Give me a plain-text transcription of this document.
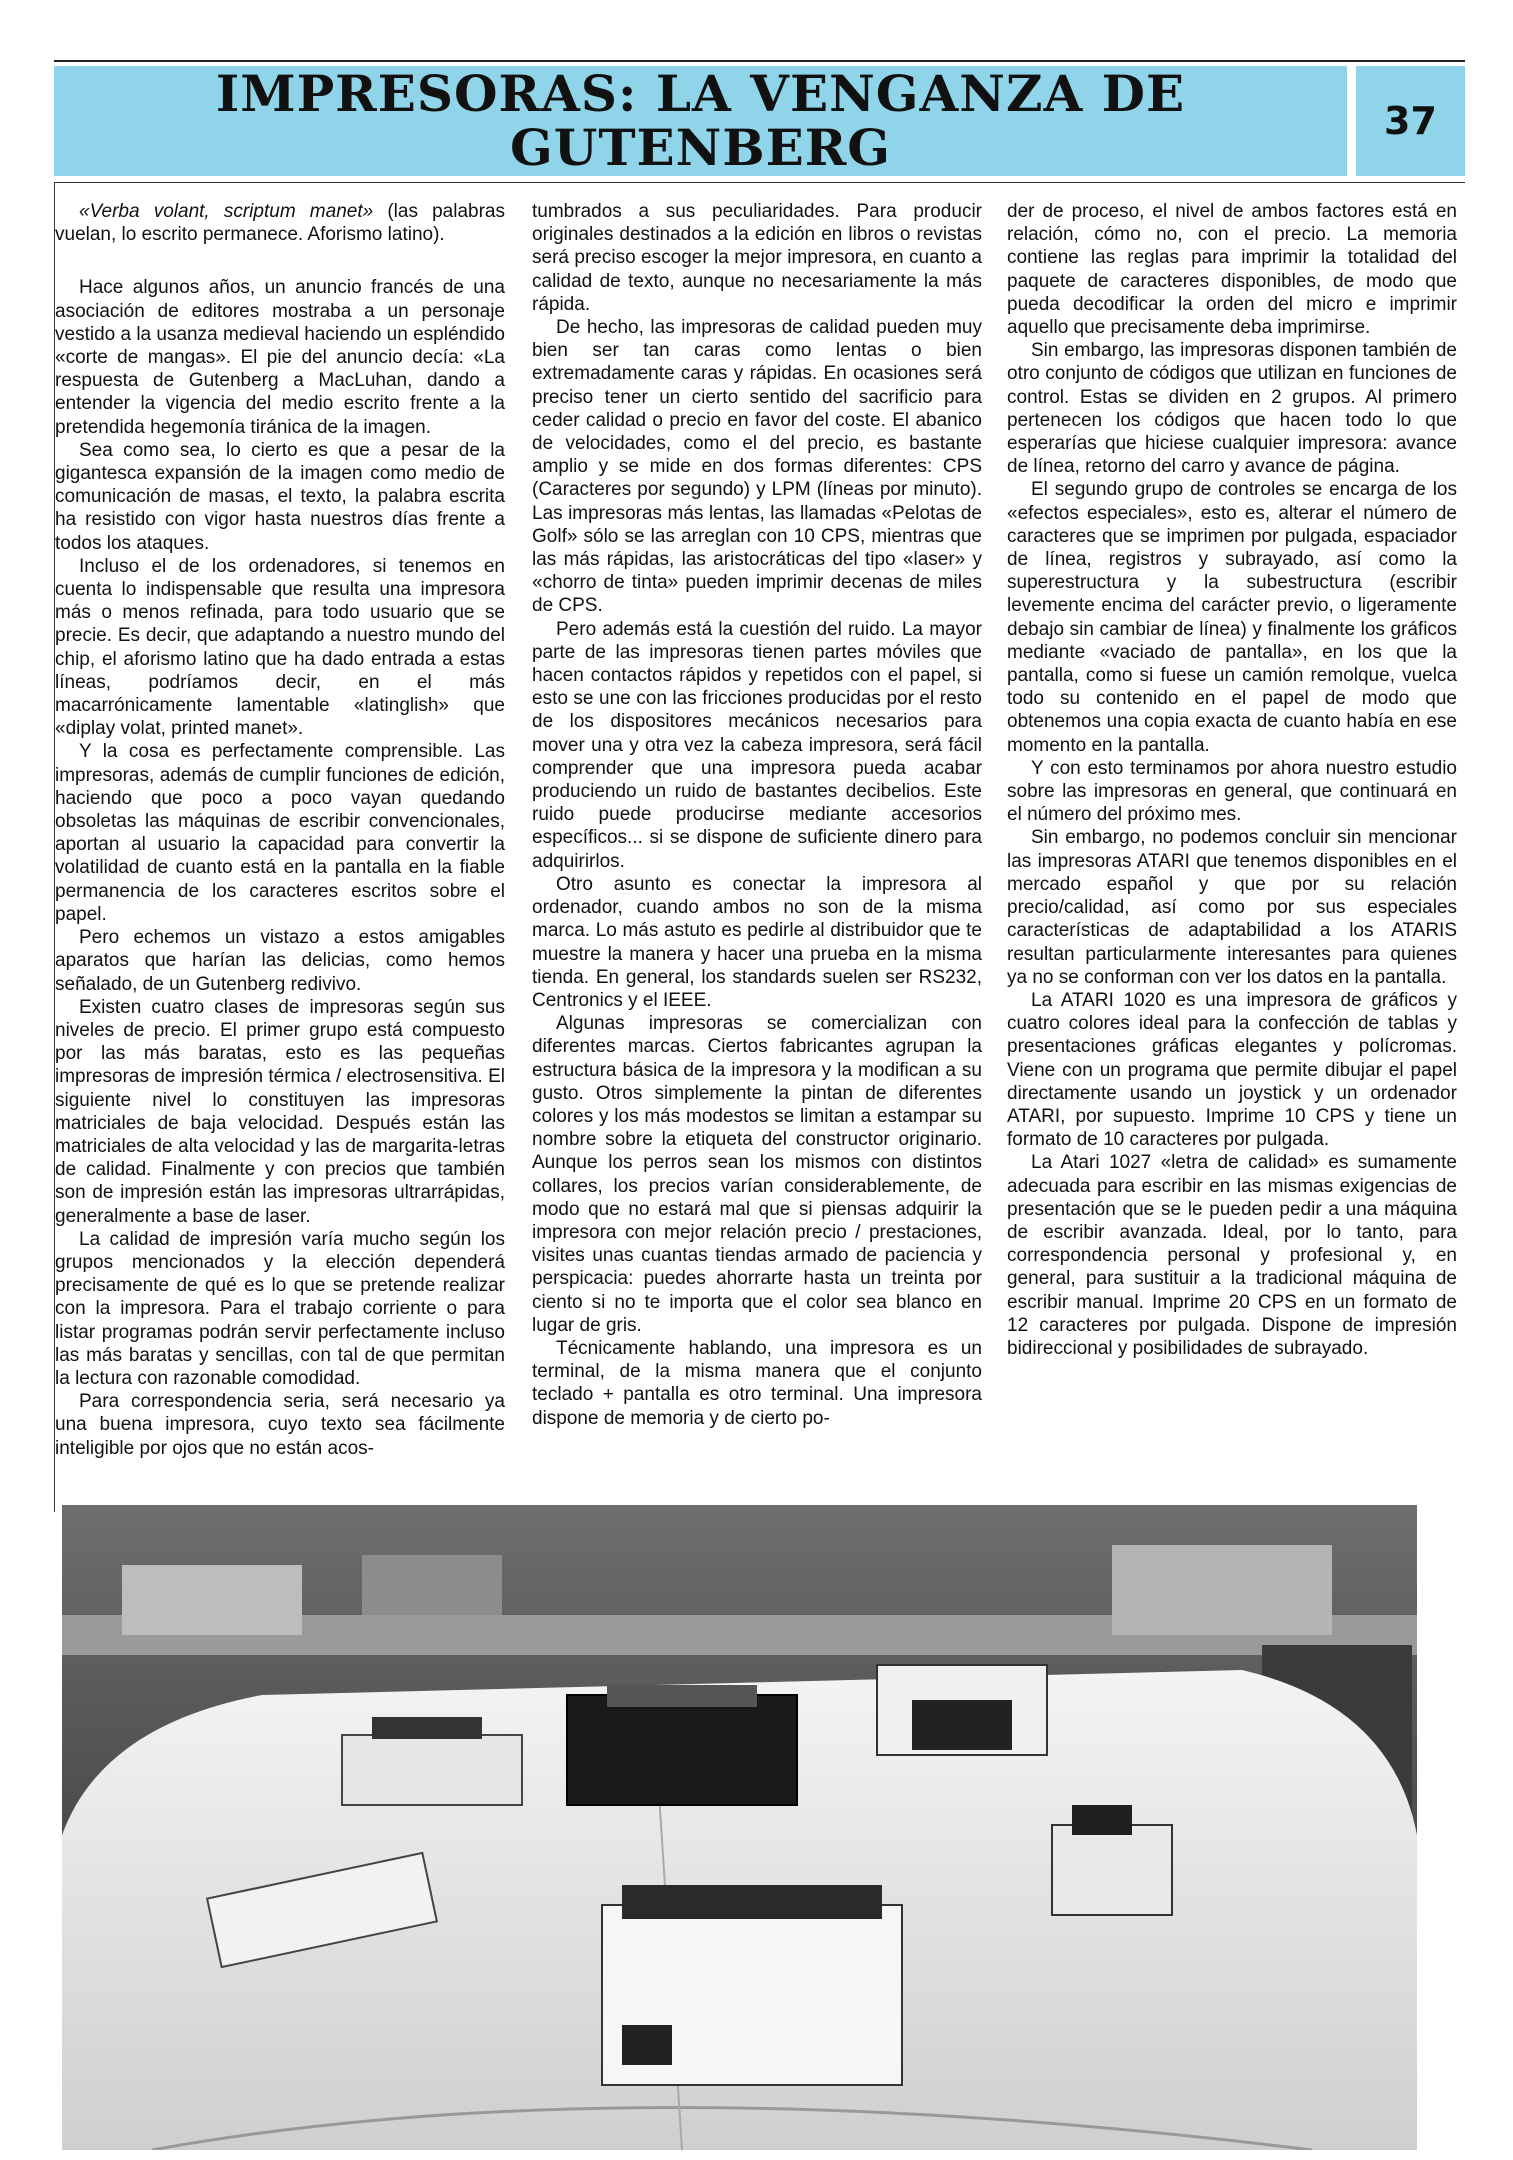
IMPRESORAS: LA VENGANZA DE
GUTENBERG	37

«Verba volant, scriptum manet» (las palabras vuelan, lo escrito permanece. Aforismo latino).

Hace algunos años, un anuncio francés de una asociación de editores mostraba a un personaje vestido a la usanza medieval haciendo un espléndido «corte de mangas». El pie del anuncio decía: «La respuesta de Gutenberg a MacLuhan, dando a entender la vigencia del medio escrito frente a la pretendida hegemonía tiránica de la imagen.

Sea como sea, lo cierto es que a pesar de la gigantesca expansión de la imagen como medio de comunicación de masas, el texto, la palabra escrita ha resistido con vigor hasta nuestros días frente a todos los ataques.

Incluso el de los ordenadores, si tenemos en cuenta lo indispensable que resulta una impresora más o menos refinada, para todo usuario que se precie. Es decir, que adaptando a nuestro mundo del chip, el aforismo latino que ha dado entrada a estas líneas, podríamos decir, en el más macarrónicamente lamentable «latinglish» que «diplay volat, printed manet».

Y la cosa es perfectamente comprensible. Las impresoras, además de cumplir funciones de edición, haciendo que poco a poco vayan quedando obsoletas las máquinas de escribir convencionales, aportan al usuario la capacidad para convertir la volatilidad de cuanto está en la pantalla en la fiable permanencia de los caracteres escritos sobre el papel.

Pero echemos un vistazo a estos amigables aparatos que harían las delicias, como hemos señalado, de un Gutenberg redivivo.

Existen cuatro clases de impresoras según sus niveles de precio. El primer grupo está compuesto por las más baratas, esto es las pequeñas impresoras de impresión térmica / electrosensitiva. El siguiente nivel lo constituyen las impresoras matriciales de baja velocidad. Después están las matriciales de alta velocidad y las de margarita-letras de calidad. Finalmente y con precios que también son de impresión están las impresoras ultrarrápidas, generalmente a base de laser.

La calidad de impresión varía mucho según los grupos mencionados y la elección dependerá precisamente de qué es lo que se pretende realizar con la impresora. Para el trabajo corriente o para listar programas podrán servir perfectamente incluso las más baratas y sencillas, con tal de que permitan la lectura con razonable comodidad.

Para correspondencia seria, será necesario ya una buena impresora, cuyo texto sea fácilmente inteligible por ojos que no están acos-

tumbrados a sus peculiaridades. Para producir originales destinados a la edición en libros o revistas será preciso escoger la mejor impresora, en cuanto a calidad de texto, aunque no necesariamente la más rápida.

De hecho, las impresoras de calidad pueden muy bien ser tan caras como lentas o bien extremadamente caras y rápidas. En ocasiones será preciso tener un cierto sentido del sacrificio para ceder calidad o precio en favor del coste. El abanico de velocidades, como el del precio, es bastante amplio y se mide en dos formas diferentes: CPS (Caracteres por segundo) y LPM (líneas por minuto). Las impresoras más lentas, las llamadas «Pelotas de Golf» sólo se las arreglan con 10 CPS, mientras que las más rápidas, las aristocráticas del tipo «laser» y «chorro de tinta» pueden imprimir decenas de miles de CPS.

Pero además está la cuestión del ruido. La mayor parte de las impresoras tienen partes móviles que hacen contactos rápidos y repetidos con el papel, si esto se une con las fricciones producidas por el resto de los dispositores mecánicos necesarios para mover una y otra vez la cabeza impresora, será fácil comprender que una impresora pueda acabar produciendo un ruido de bastantes decibelios. Este ruido puede producirse mediante accesorios específicos... si se dispone de suficiente dinero para adquirirlos.

Otro asunto es conectar la impresora al ordenador, cuando ambos no son de la misma marca. Lo más astuto es pedirle al distribuidor que te muestre la manera y hacer una prueba en la misma tienda. En general, los standards suelen ser RS232, Centronics y el IEEE.

Algunas impresoras se comercializan con diferentes marcas. Ciertos fabricantes agrupan la estructura básica de la impresora y la modifican a su gusto. Otros simplemente la pintan de diferentes colores y los más modestos se limitan a estampar su nombre sobre la etiqueta del constructor originario. Aunque los perros sean los mismos con distintos collares, los precios varían considerablemente, de modo que no estará mal que si piensas adquirir la impresora con mejor relación precio / prestaciones, visites unas cuantas tiendas armado de paciencia y perspicacia: puedes ahorrarte hasta un treinta por ciento si no te importa que el color sea blanco en lugar de gris.

Técnicamente hablando, una impresora es un terminal, de la misma manera que el conjunto teclado + pantalla es otro terminal. Una impresora dispone de memoria y de cierto po-

der de proceso, el nivel de ambos factores está en relación, cómo no, con el precio. La memoria contiene las reglas para imprimir la totalidad del paquete de caracteres disponibles, de modo que pueda decodificar la orden del micro e imprimir aquello que precisamente deba imprimirse.

Sin embargo, las impresoras disponen también de otro conjunto de códigos que utilizan en funciones de control. Estas se dividen en 2 grupos. Al primero pertenecen los códigos que hacen todo lo que esperarías que hiciese cualquier impresora: avance de línea, retorno del carro y avance de página.

El segundo grupo de controles se encarga de los «efectos especiales», esto es, alterar el número de caracteres que se imprimen por pulgada, espaciador de línea, registros y subrayado, así como la superestructura y la subestructura (escribir levemente encima del carácter previo, o ligeramente debajo sin cambiar de línea) y finalmente los gráficos mediante «vaciado de pantalla», en los que la pantalla, como si fuese un camión remolque, vuelca todo su contenido en el papel de modo que obtenemos una copia exacta de cuanto había en ese momento en la pantalla.

Y con esto terminamos por ahora nuestro estudio sobre las impresoras en general, que continuará en el número del próximo mes.

Sin embargo, no podemos concluir sin mencionar las impresoras ATARI que tenemos disponibles en el mercado español y que por su relación precio/calidad, así como por sus especiales características de adaptabilidad a los ATARIS resultan particularmente interesantes para quienes ya no se conforman con ver los datos en la pantalla.

La ATARI 1020 es una impresora de gráficos y cuatro colores ideal para la confección de tablas y presentaciones gráficas elegantes y polícromas. Viene con un programa que permite dibujar el papel directamente usando un joystick y un ordenador ATARI, por supuesto. Imprime 10 CPS y tiene un formato de 10 caracteres por pulgada.

La Atari 1027 «letra de calidad» es sumamente adecuada para escribir en las mismas exigencias de presentación que se le pueden pedir a una máquina de escribir avanzada. Ideal, por lo tanto, para correspondencia personal y profesional y, en general, para sustituir a la tradicional máquina de escribir manual. Imprime 20 CPS en un formato de 12 caracteres por pulgada. Dispone de impresión bidireccional y posibilidades de subrayado.
